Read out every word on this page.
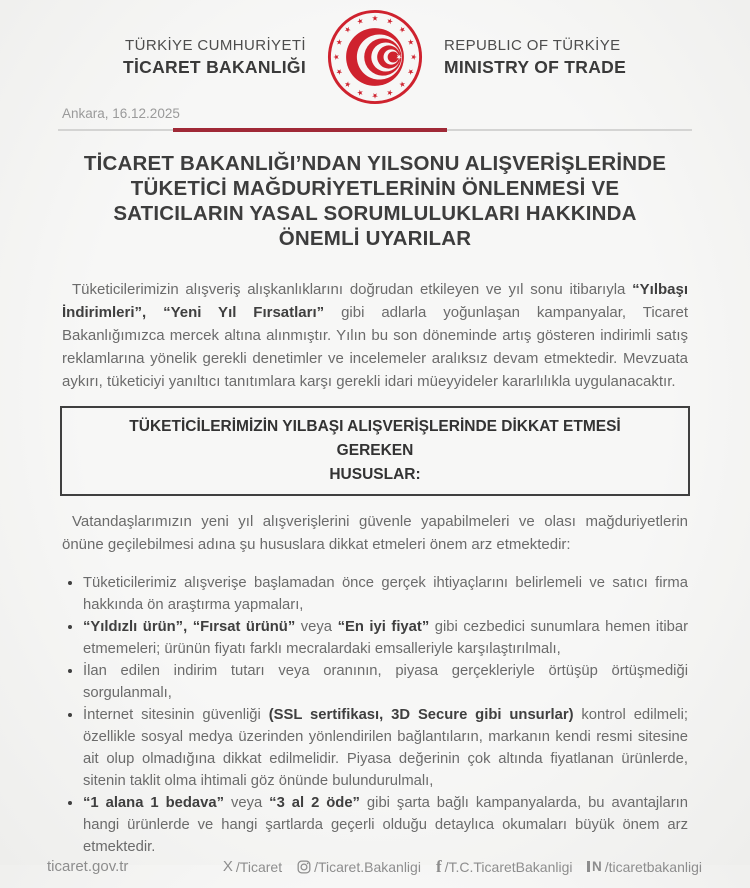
TÜRKİYE CUMHURİYETİ
TİCARET BAKANLIĞI
REPUBLIC OF TÜRKİYE
MINISTRY OF TRADE
Ankara, 16.12.2025
TİCARET BAKANLIĞI’NDAN YILSONU ALIŞVERİŞLERİNDE
TÜKETİCİ MAĞDURİYETLERİNİN ÖNLENMESİ VE
SATICILARIN YASAL SORUMLULUKLARI HAKKINDA
ÖNEMLİ UYARILAR

Tüketicilerimizin alışveriş alışkanlıklarını doğrudan etkileyen ve yıl sonu itibarıyla “Yılbaşı İndirimleri”, “Yeni Yıl Fırsatları” gibi adlarla yoğunlaşan kampanyalar, Ticaret Bakanlığımızca mercek altına alınmıştır. Yılın bu son döneminde artış gösteren indirimli satış reklamlarına yönelik gerekli denetimler ve incelemeler aralıksız devam etmektedir. Mevzuata aykırı, tüketiciyi yanıltıcı tanıtımlara karşı gerekli idari müeyyideler kararlılıkla uygulanacaktır.

TÜKETİCİLERİMİZİN YILBAŞI ALIŞVERİŞLERİNDE DİKKAT ETMESİ GEREKEN
HUSUSLAR:

Vatandaşlarımızın yeni yıl alışverişlerini güvenle yapabilmeleri ve olası mağduriyetlerin önüne geçilebilmesi adına şu hususlara dikkat etmeleri önem arz etmektedir:

• Tüketicilerimiz alışverişe başlamadan önce gerçek ihtiyaçlarını belirlemeli ve satıcı firma hakkında ön araştırma yapmaları,
• “Yıldızlı ürün”, “Fırsat ürünü” veya “En iyi fiyat” gibi cezbedici sunumlara hemen itibar etmemeleri; ürünün fiyatı farklı mecralardaki emsalleriyle karşılaştırılmalı,
• İlan edilen indirim tutarı veya oranının, piyasa gerçekleriyle örtüşüp örtüşmediği sorgulanmalı,
• İnternet sitesinin güvenliği (SSL sertifikası, 3D Secure gibi unsurlar) kontrol edilmeli; özellikle sosyal medya üzerinden yönlendirilen bağlantıların, markanın kendi resmi sitesine ait olup olmadığına dikkat edilmelidir. Piyasa değerinin çok altında fiyatlanan ürünlerde, sitenin taklit olma ihtimali göz önünde bulundurulmalı,
• “1 alana 1 bedava” veya “3 al 2 öde” gibi şarta bağlı kampanyalarda, bu avantajların hangi ürünlerde ve hangi şartlarda geçerli olduğu detaylıca okumaları büyük önem arz etmektedir.
ticaret.gov.tr	X /Ticaret /Ticaret.Bakanligi f /T.C.TicaretBakanligi N /ticaretbakanligi
